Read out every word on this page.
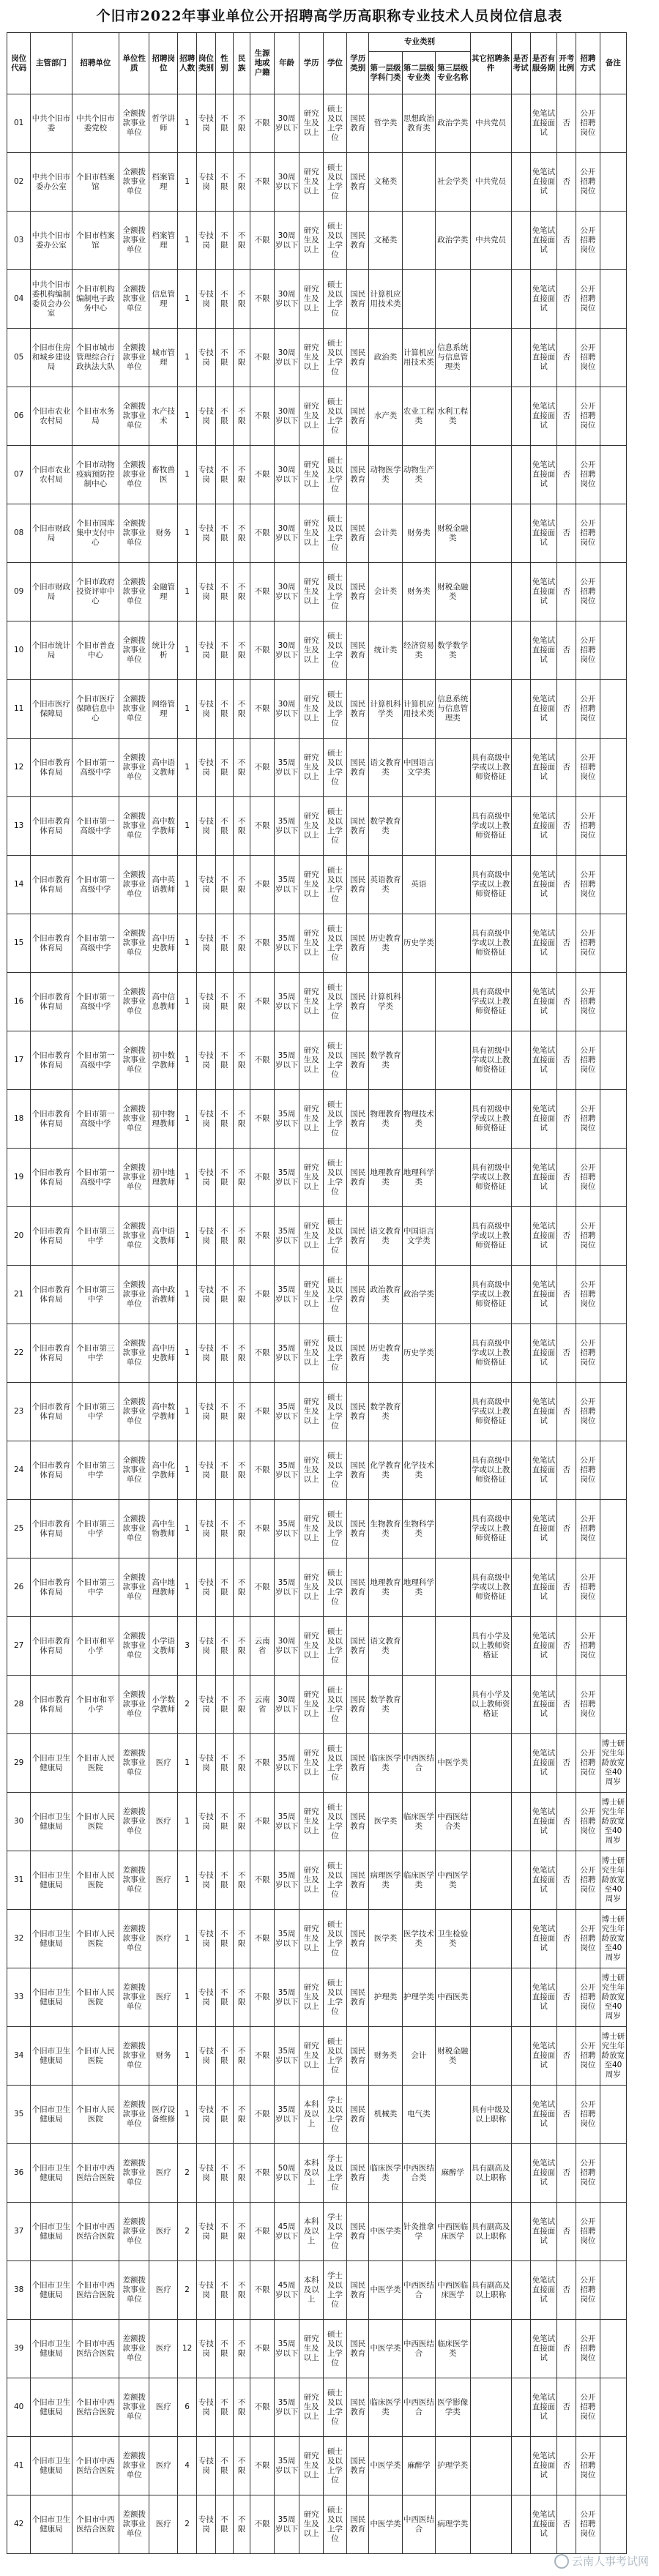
个旧市2022年事业单位公开招聘高学历高职称专业技术人员岗位信息表
岗位代码	主管部门	招聘单位	单位性质	招聘岗位	招聘人数	岗位类别	性别	民族	生源地或户籍	年龄	学历	学位	学历类别	专业类别			其它招聘条件	是否考试	是否有服务期	开考比例	招聘方式	备注
														第一层级学科门类	第二层级专业类	第三层级专业名称						
01	中共个旧市委	中共个旧市委党校	全额拨款事业单位	哲学讲师	1	专技岗	不限	不限	不限	30周岁以下	研究生及以上	硕士及以上学位	国民教育	哲学类	思想政治教育类	政治学类	中共党员		免笔试直接面试	否	公开招聘岗位	
02	中共个旧市委办公室	个旧市档案馆	全额拨款事业单位	档案管理	1	专技岗	不限	不限	不限	30周岁以下	研究生及以上	硕士及以上学位	国民教育	文秘类		社会学类	中共党员		免笔试直接面试	否	公开招聘岗位	
03	中共个旧市委办公室	个旧市档案馆	全额拨款事业单位	档案管理	1	专技岗	不限	不限	不限	30周岁以下	研究生及以上	硕士及以上学位	国民教育	文秘类		政治学类	中共党员		免笔试直接面试	否	公开招聘岗位	
04	中共个旧市委机构编制委员会办公室	个旧市机构编制电子政务中心	全额拨款事业单位	信息管理	1	专技岗	不限	不限	不限	30周岁以下	研究生及以上	硕士及以上学位	国民教育	计算机应用技术类					免笔试直接面试	否	公开招聘岗位	
05	个旧市住房和城乡建设局	个旧市城市管理综合行政执法大队	全额拨款事业单位	城市管理	1	专技岗	不限	不限	不限	30周岁以下	研究生及以上	硕士及以上学位	国民教育	政治类	计算机应用技术类	信息系统与信息管理类			免笔试直接面试	否	公开招聘岗位	
06	个旧市农业农村局	个旧市水务局	全额拨款事业单位	水产技术	1	专技岗	不限	不限	不限	30周岁以下	研究生及以上	硕士及以上学位	国民教育	水产类	农业工程类	水利工程类			免笔试直接面试	否	公开招聘岗位	
07	个旧市农业农村局	个旧市动物疫病预防控制中心	全额拨款事业单位	畜牧兽医	1	专技岗	不限	不限	不限	30周岁以下	研究生及以上	硕士及以上学位	国民教育	动物医学类	动物生产类				免笔试直接面试	否	公开招聘岗位	
08	个旧市财政局	个旧市国库集中支付中心	全额拨款事业单位	财务	1	专技岗	不限	不限	不限	30周岁以下	研究生及以上	硕士及以上学位	国民教育	会计类	财务类	财税金融类			免笔试直接面试	否	公开招聘岗位	
09	个旧市财政局	个旧市政府投资评审中心	全额拨款事业单位	金融管理	1	专技岗	不限	不限	不限	30周岁以下	研究生及以上	硕士及以上学位	国民教育	会计类	财务类	财税金融类			免笔试直接面试	否	公开招聘岗位	
10	个旧市统计局	个旧市普查中心	全额拨款事业单位	统计分析	1	专技岗	不限	不限	不限	30周岁以下	研究生及以上	硕士及以上学位	国民教育	统计类	经济贸易类	数学数学类			免笔试直接面试	否	公开招聘岗位	
11	个旧市医疗保障局	个旧市医疗保障信息中心	全额拨款事业单位	网络管理	1	专技岗	不限	不限	不限	30周岁以下	研究生及以上	硕士及以上学位	国民教育	计算机科学类	计算机应用技术类	信息系统与信息管理类			免笔试直接面试	否	公开招聘岗位	
12	个旧市教育体育局	个旧市第一高级中学	全额拨款事业单位	高中语文教师	1	专技岗	不限	不限	不限	35周岁以下	研究生及以上	硕士及以上学位	国民教育	语文教育类	中国语言文学类		具有高级中学或以上教师资格证		免笔试直接面试	否	公开招聘岗位	
13	个旧市教育体育局	个旧市第一高级中学	全额拨款事业单位	高中数学教师	1	专技岗	不限	不限	不限	35周岁以下	研究生及以上	硕士及以上学位	国民教育	数学教育类			具有高级中学或以上教师资格证		免笔试直接面试	否	公开招聘岗位	
14	个旧市教育体育局	个旧市第一高级中学	全额拨款事业单位	高中英语教师	1	专技岗	不限	不限	不限	35周岁以下	研究生及以上	硕士及以上学位	国民教育	英语教育类	英语		具有高级中学或以上教师资格证		免笔试直接面试	否	公开招聘岗位	
15	个旧市教育体育局	个旧市第一高级中学	全额拨款事业单位	高中历史教师	1	专技岗	不限	不限	不限	35周岁以下	研究生及以上	硕士及以上学位	国民教育	历史教育类	历史学类		具有高级中学或以上教师资格证		免笔试直接面试	否	公开招聘岗位	
16	个旧市教育体育局	个旧市第一高级中学	全额拨款事业单位	高中信息教师	1	专技岗	不限	不限	不限	35周岁以下	研究生及以上	硕士及以上学位	国民教育	计算机科学类			具有高级中学或以上教师资格证		免笔试直接面试	否	公开招聘岗位	
17	个旧市教育体育局	个旧市第一高级中学	全额拨款事业单位	初中数学教师	1	专技岗	不限	不限	不限	35周岁以下	研究生及以上	硕士及以上学位	国民教育	数学教育类			具有初级中学或以上教师资格证		免笔试直接面试	否	公开招聘岗位	
18	个旧市教育体育局	个旧市第一高级中学	全额拨款事业单位	初中物理教师	1	专技岗	不限	不限	不限	35周岁以下	研究生及以上	硕士及以上学位	国民教育	物理教育类	物理技术类		具有初级中学或以上教师资格证		免笔试直接面试	否	公开招聘岗位	
19	个旧市教育体育局	个旧市第一高级中学	全额拨款事业单位	初中地理教师	1	专技岗	不限	不限	不限	35周岁以下	研究生及以上	硕士及以上学位	国民教育	地理教育类	地理科学类		具有初级中学或以上教师资格证		免笔试直接面试	否	公开招聘岗位	
20	个旧市教育体育局	个旧市第三中学	全额拨款事业单位	高中语文教师	1	专技岗	不限	不限	不限	35周岁以下	研究生及以上	硕士及以上学位	国民教育	语文教育类	中国语言文学类		具有高级中学或以上教师资格证		免笔试直接面试	否	公开招聘岗位	
21	个旧市教育体育局	个旧市第三中学	全额拨款事业单位	高中政治教师	1	专技岗	不限	不限	不限	35周岁以下	研究生及以上	硕士及以上学位	国民教育	政治教育类	政治学类		具有高级中学或以上教师资格证		免笔试直接面试	否	公开招聘岗位	
22	个旧市教育体育局	个旧市第三中学	全额拨款事业单位	高中历史教师	1	专技岗	不限	不限	不限	35周岁以下	研究生及以上	硕士及以上学位	国民教育	历史教育类	历史学类		具有高级中学或以上教师资格证		免笔试直接面试	否	公开招聘岗位	
23	个旧市教育体育局	个旧市第三中学	全额拨款事业单位	高中数学教师	1	专技岗	不限	不限	不限	35周岁以下	研究生及以上	硕士及以上学位	国民教育	数学教育类			具有高级中学或以上教师资格证		免笔试直接面试	否	公开招聘岗位	
24	个旧市教育体育局	个旧市第三中学	全额拨款事业单位	高中化学教师	1	专技岗	不限	不限	不限	35周岁以下	研究生及以上	硕士及以上学位	国民教育	化学教育类	化学技术类		具有高级中学或以上教师资格证		免笔试直接面试	否	公开招聘岗位	
25	个旧市教育体育局	个旧市第三中学	全额拨款事业单位	高中生物教师	1	专技岗	不限	不限	不限	35周岁以下	研究生及以上	硕士及以上学位	国民教育	生物教育类	生物科学类		具有高级中学或以上教师资格证		免笔试直接面试	否	公开招聘岗位	
26	个旧市教育体育局	个旧市第三中学	全额拨款事业单位	高中地理教师	1	专技岗	不限	不限	不限	35周岁以下	研究生及以上	硕士及以上学位	国民教育	地理教育类	地理科学类		具有高级中学或以上教师资格证		免笔试直接面试	否	公开招聘岗位	
27	个旧市教育体育局	个旧市和平小学	全额拨款事业单位	小学语文教师	3	专技岗	不限	不限	云南省	30周岁以下	研究生及以上	硕士及以上学位	国民教育	语文教育类			具有小学及以上教师资格证		免笔试直接面试	否	公开招聘岗位	
28	个旧市教育体育局	个旧市和平小学	全额拨款事业单位	小学数学教师	2	专技岗	不限	不限	云南省	30周岁以下	研究生及以上	硕士及以上学位	国民教育	数学教育类			具有小学及以上教师资格证		免笔试直接面试	否	公开招聘岗位	
29	个旧市卫生健康局	个旧市人民医院	差额拨款事业单位	医疗	1	专技岗	不限	不限	不限	35周岁以下	研究生及以上	硕士及以上学位	国民教育	临床医学类	中西医结合	中医学类			免笔试直接面试	否	公开招聘岗位	博士研究生年龄放宽至40周岁
30	个旧市卫生健康局	个旧市人民医院	差额拨款事业单位	医疗	1	专技岗	不限	不限	不限	35周岁以下	研究生及以上	硕士及以上学位	国民教育	医学类	临床医学类	中西医结合类			免笔试直接面试	否	公开招聘岗位	博士研究生年龄放宽至40周岁
31	个旧市卫生健康局	个旧市人民医院	差额拨款事业单位	医疗	1	专技岗	不限	不限	不限	35周岁以下	研究生及以上	硕士及以上学位	国民教育	病理医学类	临床医学类	中西医学类			免笔试直接面试	否	公开招聘岗位	博士研究生年龄放宽至40周岁
32	个旧市卫生健康局	个旧市人民医院	差额拨款事业单位	医疗	1	专技岗	不限	不限	不限	35周岁以下	研究生及以上	硕士及以上学位	国民教育	医学类	医学技术类	卫生检验类			免笔试直接面试	否	公开招聘岗位	博士研究生年龄放宽至40周岁
33	个旧市卫生健康局	个旧市人民医院	差额拨款事业单位	医疗	1	专技岗	不限	不限	不限	35周岁以下	研究生及以上	硕士及以上学位	国民教育	护理类	护理学类	中西医类			免笔试直接面试	否	公开招聘岗位	博士研究生年龄放宽至40周岁
34	个旧市卫生健康局	个旧市人民医院	差额拨款事业单位	财务	1	专技岗	不限	不限	不限	35周岁以下	研究生及以上	硕士及以上学位	国民教育	财务类	会计	财税金融类			免笔试直接面试	否	公开招聘岗位	博士研究生年龄放宽至40周岁
35	个旧市卫生健康局	个旧市人民医院	差额拨款事业单位	医疗设备维修	1	专技岗	不限	不限	不限	35周岁以下	本科及以上	学士及以上学位	国民教育	机械类	电气类		具有中级及以上职称		免笔试直接面试	否	公开招聘岗位	
36	个旧市卫生健康局	个旧市中西医结合医院	差额拨款事业单位	医疗	2	专技岗	不限	不限	不限	50周岁以下	本科及以上	学士及以上学位	国民教育	临床医学类	中西医结合类	麻醉学	具有副高及以上职称		免笔试直接面试	否	公开招聘岗位	
37	个旧市卫生健康局	个旧市中西医结合医院	差额拨款事业单位	医疗	2	专技岗	不限	不限	不限	45周岁以下	本科及以上	学士及以上学位	国民教育	中医学类	针灸推拿学	中西医临床医学	具有副高及以上职称		免笔试直接面试	否	公开招聘岗位	
38	个旧市卫生健康局	个旧市中西医结合医院	差额拨款事业单位	医疗	2	专技岗	不限	不限	不限	45周岁以下	本科及以上	学士及以上学位	国民教育	中医学类	中西医结合	中西医临床医学	具有副高及以上职称		免笔试直接面试	否	公开招聘岗位	
39	个旧市卫生健康局	个旧市中西医结合医院	差额拨款事业单位	医疗	12	专技岗	不限	不限	不限	35周岁以下	研究生及以上	硕士及以上学位	国民教育	中医学类	中西医结合	临床医学类			免笔试直接面试	否	公开招聘岗位	
40	个旧市卫生健康局	个旧市中西医结合医院	差额拨款事业单位	医疗	6	专技岗	不限	不限	不限	35周岁以下	研究生及以上	硕士及以上学位	国民教育	临床医学类	中西医结合	医学影像学类			免笔试直接面试	否	公开招聘岗位	
41	个旧市卫生健康局	个旧市中西医结合医院	差额拨款事业单位	医疗	4	专技岗	不限	不限	不限	35周岁以下	研究生及以上	硕士及以上学位	国民教育	中医学类	麻醉学	护理学类			免笔试直接面试	否	公开招聘岗位	
42	个旧市卫生健康局	个旧市中西医结合医院	差额拨款事业单位	医疗	2	专技岗	不限	不限	不限	35周岁以下	研究生及以上	硕士及以上学位	国民教育	中医学类	中西医结合	病理学类			免笔试直接面试	否	公开招聘岗位	
云南人事考试网
